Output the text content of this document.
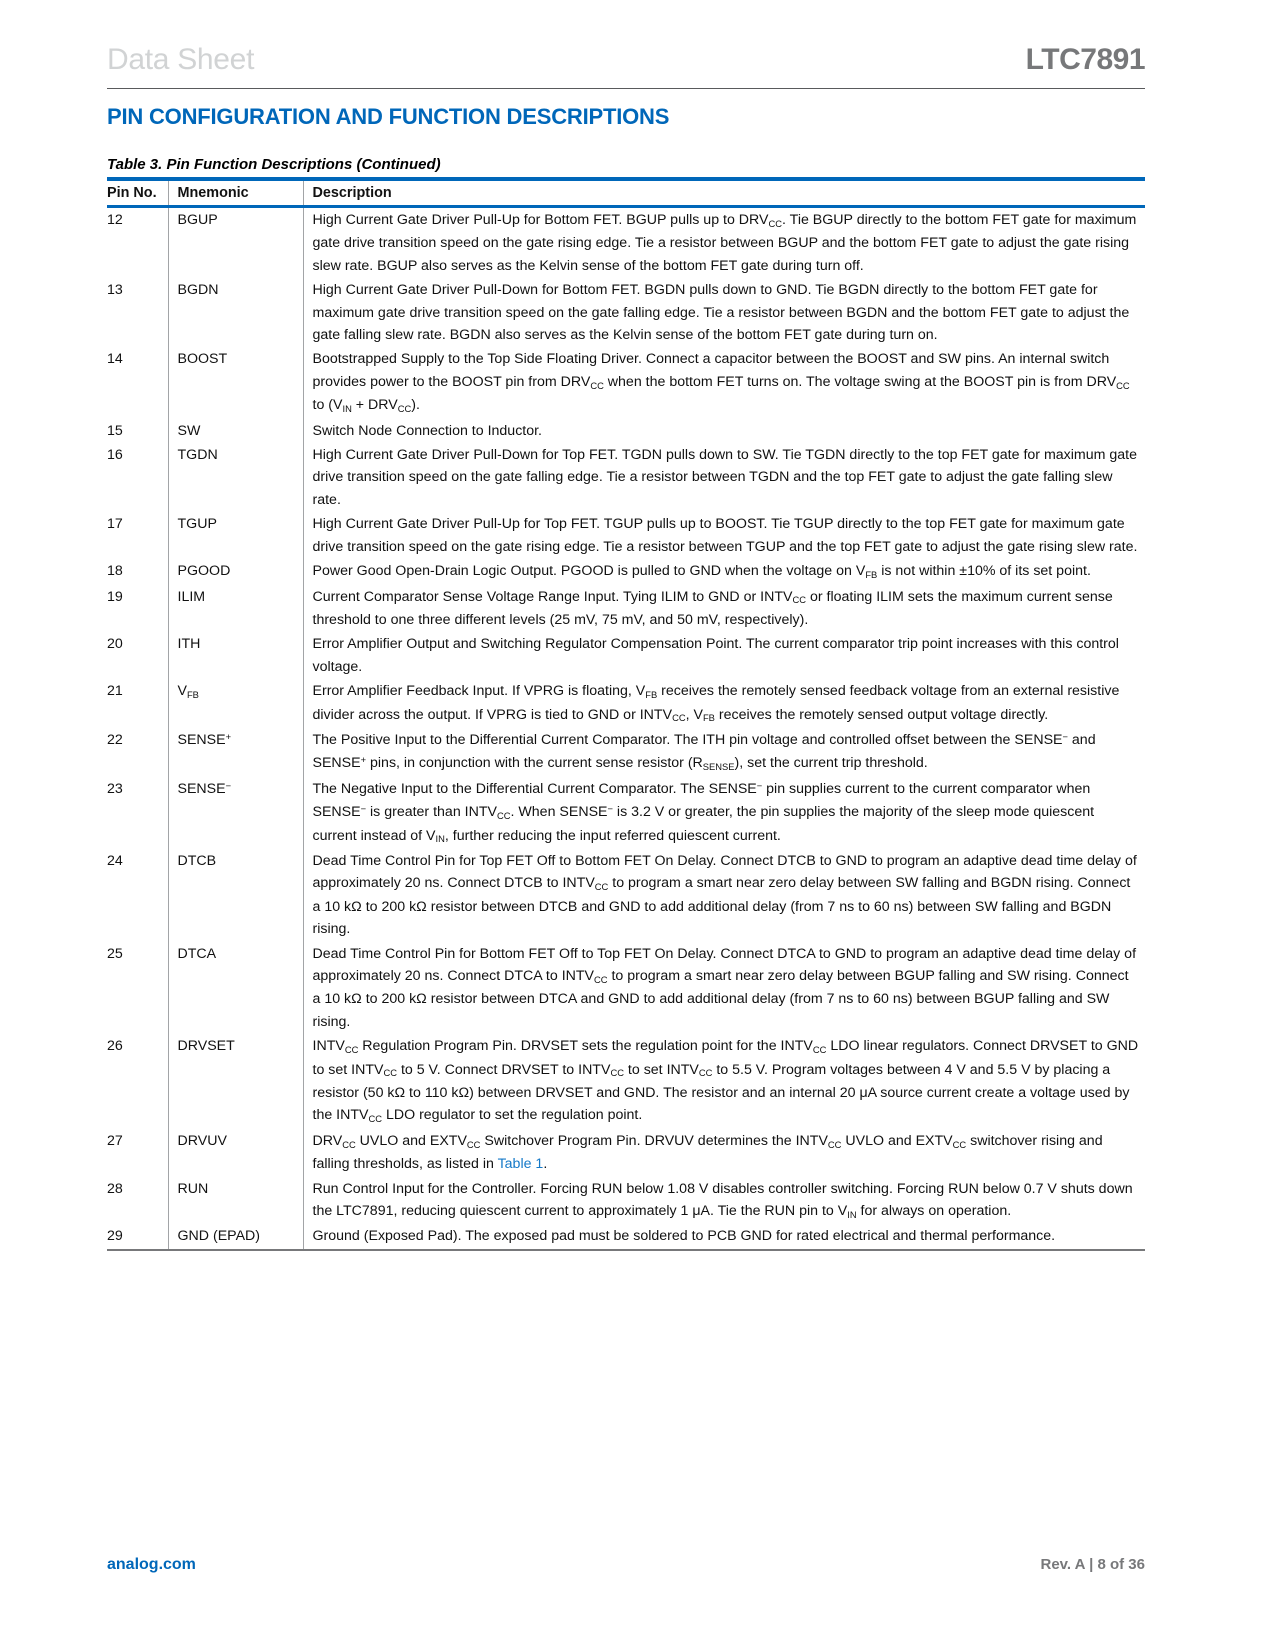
Data Sheet	LTC7891
PIN CONFIGURATION AND FUNCTION DESCRIPTIONS
Table 3. Pin Function Descriptions (Continued)
Pin No.	Mnemonic	Description
12	BGUP	High Current Gate Driver Pull-Up for Bottom FET. BGUP pulls up to $DRV_{CC}$. Tie BGUP directly to the bottom FET gate for maximum gate drive transition speed on the gate rising edge. Tie a resistor between BGUP and the bottom FET gate to adjust the gate rising slew rate. BGUP also serves as the Kelvin sense of the bottom FET gate during turn off.
13	BGDN	High Current Gate Driver Pull-Down for Bottom FET. BGDN pulls down to GND. Tie BGDN directly to the bottom FET gate for maximum gate drive transition speed on the gate falling edge. Tie a resistor between BGDN and the bottom FET gate to adjust the gate falling slew rate. BGDN also serves as the Kelvin sense of the bottom FET gate during turn on.
14	BOOST	Bootstrapped Supply to the Top Side Floating Driver. Connect a capacitor between the BOOST and SW pins. An internal switch provides power to the BOOST pin from $DRV_{CC}$ when the bottom FET turns on. The voltage swing at the BOOST pin is from $DRV_{CC}$ to $(V_{IN} + DRV_{CC})$.
15	SW	Switch Node Connection to Inductor.
16	TGDN	High Current Gate Driver Pull-Down for Top FET. TGDN pulls down to SW. Tie TGDN directly to the top FET gate for maximum gate drive transition speed on the gate falling edge. Tie a resistor between TGDN and the top FET gate to adjust the gate falling slew rate.
17	TGUP	High Current Gate Driver Pull-Up for Top FET. TGUP pulls up to BOOST. Tie TGUP directly to the top FET gate for maximum gate drive transition speed on the gate rising edge. Tie a resistor between TGUP and the top FET gate to adjust the gate rising slew rate.
18	PGOOD	Power Good Open-Drain Logic Output. PGOOD is pulled to GND when the voltage on $V_{FB}$ is not within ±10% of its set point.
19	ILIM	Current Comparator Sense Voltage Range Input. Tying ILIM to GND or $INTV_{CC}$ or floating ILIM sets the maximum current sense threshold to one three different levels (25 mV, 75 mV, and 50 mV, respectively).
20	ITH	Error Amplifier Output and Switching Regulator Compensation Point. The current comparator trip point increases with this control voltage.
21	$V_{FB}$	Error Amplifier Feedback Input. If VPRG is floating, $V_{FB}$ receives the remotely sensed feedback voltage from an external resistive divider across the output. If VPRG is tied to GND or $INTV_{CC}$, $V_{FB}$ receives the remotely sensed output voltage directly.
22	SENSE+	The Positive Input to the Differential Current Comparator. The ITH pin voltage and controlled offset between the SENSE− and SENSE+ pins, in conjunction with the current sense resistor $(R_{SENSE})$, set the current trip threshold.
23	SENSE−	The Negative Input to the Differential Current Comparator. The SENSE− pin supplies current to the current comparator when SENSE− is greater than $INTV_{CC}$. When SENSE− is 3.2 V or greater, the pin supplies the majority of the sleep mode quiescent current instead of $V_{IN}$, further reducing the input referred quiescent current.
24	DTCB	Dead Time Control Pin for Top FET Off to Bottom FET On Delay. Connect DTCB to GND to program an adaptive dead time delay of approximately 20 ns. Connect DTCB to $INTV_{CC}$ to program a smart near zero delay between SW falling and BGDN rising. Connect a 10 kΩ to 200 kΩ resistor between DTCB and GND to add additional delay (from 7 ns to 60 ns) between SW falling and BGDN rising.
25	DTCA	Dead Time Control Pin for Bottom FET Off to Top FET On Delay. Connect DTCA to GND to program an adaptive dead time delay of approximately 20 ns. Connect DTCA to $INTV_{CC}$ to program a smart near zero delay between BGUP falling and SW rising. Connect a 10 kΩ to 200 kΩ resistor between DTCA and GND to add additional delay (from 7 ns to 60 ns) between BGUP falling and SW rising.
26	DRVSET	$INTV_{CC}$ Regulation Program Pin. DRVSET sets the regulation point for the $INTV_{CC}$ LDO linear regulators. Connect DRVSET to GND to set $INTV_{CC}$ to 5 V. Connect DRVSET to $INTV_{CC}$ to set $INTV_{CC}$ to 5.5 V. Program voltages between 4 V and 5.5 V by placing a resistor (50 kΩ to 110 kΩ) between DRVSET and GND. The resistor and an internal 20 μA source current create a voltage used by the $INTV_{CC}$ LDO regulator to set the regulation point.
27	DRVUV	$DRV_{CC}$ UVLO and $EXTV_{CC}$ Switchover Program Pin. DRVUV determines the $INTV_{CC}$ UVLO and $EXTV_{CC}$ switchover rising and falling thresholds, as listed in Table 1.
28	RUN	Run Control Input for the Controller. Forcing RUN below 1.08 V disables controller switching. Forcing RUN below 0.7 V shuts down the LTC7891, reducing quiescent current to approximately 1 μA. Tie the RUN pin to $V_{IN}$ for always on operation.
29	GND (EPAD)	Ground (Exposed Pad). The exposed pad must be soldered to PCB GND for rated electrical and thermal performance.
analog.com	Rev. A | 8 of 36
